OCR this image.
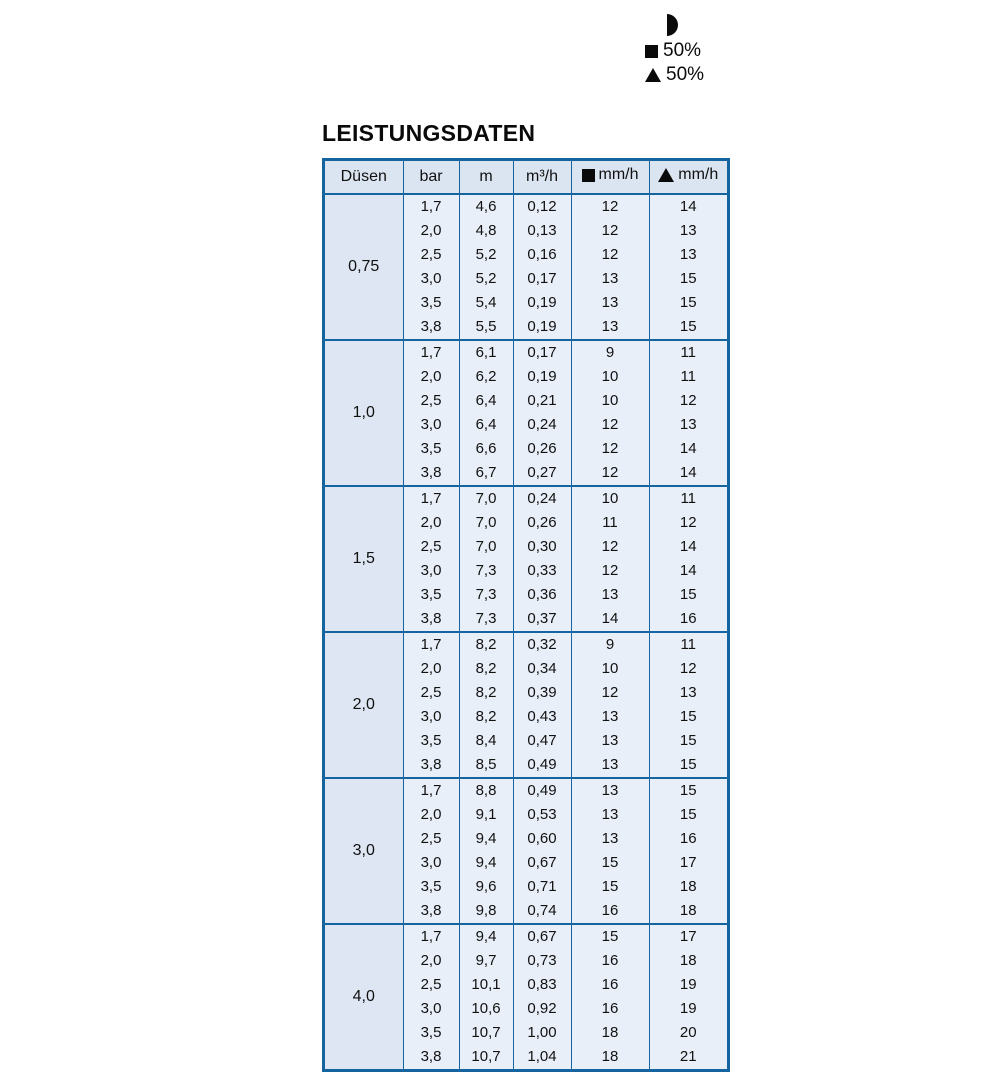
50%
50%
LEISTUNGSDATEN
Düsen	bar	m	m³/h	mm/h	mm/h

0,75	1,7	4,6	0,12	12	14
	2,0	4,8	0,13	12	13
	2,5	5,2	0,16	12	13
	3,0	5,2	0,17	13	15
	3,5	5,4	0,19	13	15
	3,8	5,5	0,19	13	15
1,0	1,7	6,1	0,17	9	11
	2,0	6,2	0,19	10	11
	2,5	6,4	0,21	10	12
	3,0	6,4	0,24	12	13
	3,5	6,6	0,26	12	14
	3,8	6,7	0,27	12	14
1,5	1,7	7,0	0,24	10	11
	2,0	7,0	0,26	11	12
	2,5	7,0	0,30	12	14
	3,0	7,3	0,33	12	14
	3,5	7,3	0,36	13	15
	3,8	7,3	0,37	14	16
2,0	1,7	8,2	0,32	9	11
	2,0	8,2	0,34	10	12
	2,5	8,2	0,39	12	13
	3,0	8,2	0,43	13	15
	3,5	8,4	0,47	13	15
	3,8	8,5	0,49	13	15
3,0	1,7	8,8	0,49	13	15
	2,0	9,1	0,53	13	15
	2,5	9,4	0,60	13	16
	3,0	9,4	0,67	15	17
	3,5	9,6	0,71	15	18
	3,8	9,8	0,74	16	18
4,0	1,7	9,4	0,67	15	17
	2,0	9,7	0,73	16	18
	2,5	10,1	0,83	16	19
	3,0	10,6	0,92	16	19
	3,5	10,7	1,00	18	20
	3,8	10,7	1,04	18	21
